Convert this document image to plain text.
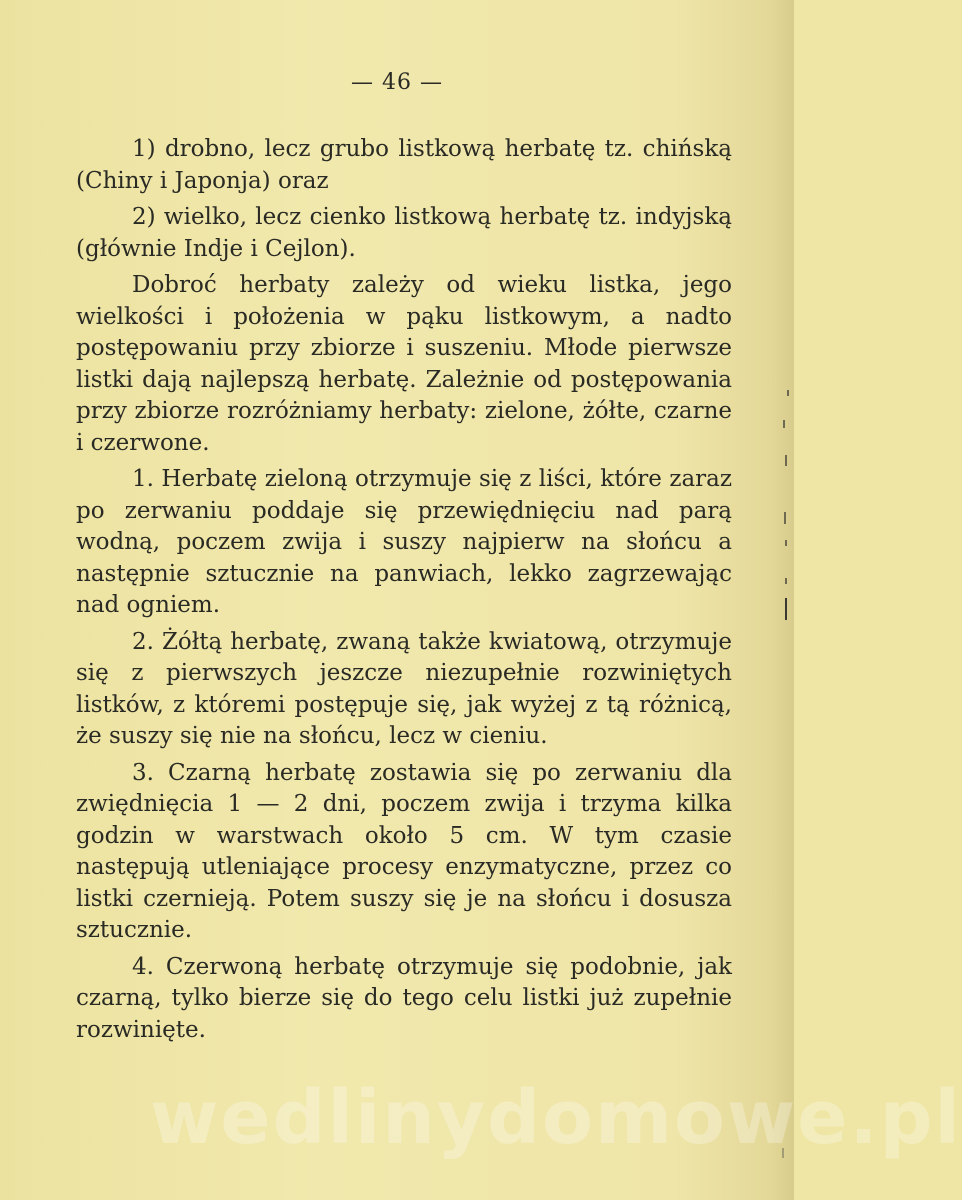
— 46 —

1) drobno, lecz grubo listkową herbatę tz. chińską (Chiny i Japonja) oraz

2) wielko, lecz cienko listkową herbatę tz. indyjską (głównie Indje i Cejlon).

Dobroć herbaty zależy od wieku listka, jego wielkości i położenia w pąku listkowym, a nadto postępowaniu przy zbiorze i suszeniu. Młode pierwsze listki dają najlepszą herbatę. Zależnie od postępowania przy zbiorze rozróżniamy herbaty: zielone, żółte, czarne i czerwone.

1. Herbatę zieloną otrzymuje się z liści, które zaraz po zerwaniu poddaje się przewiędnięciu nad parą wodną, poczem zwija i suszy najpierw na słońcu a następnie sztucznie na panwiach, lekko zagrzewając nad ogniem.

2. Żółtą herbatę, zwaną także kwiatową, otrzymuje się z pierwszych jeszcze niezupełnie rozwiniętych listków, z któremi postępuje się, jak wyżej z tą różnicą, że suszy się nie na słońcu, lecz w cieniu.

3. Czarną herbatę zostawia się po zerwaniu dla zwiędnięcia 1 — 2 dni, poczem zwija i trzyma kilka godzin w warstwach około 5 cm. W tym czasie następują utleniające procesy enzymatyczne, przez co listki czernieją. Potem suszy się je na słońcu i dosusza sztucznie.

4. Czerwoną herbatę otrzymuje się podobnie, jak czarną, tylko bierze się do tego celu listki już zupełnie rozwinięte.

wedlinydomowe.pl
